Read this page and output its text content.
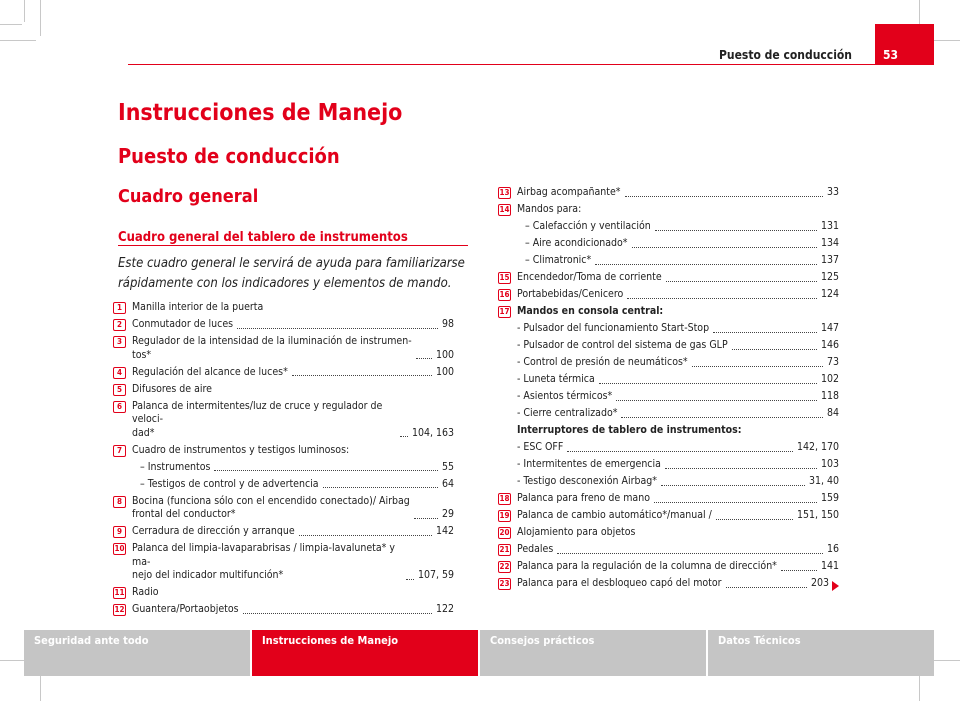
Puesto de conducción	53
Instrucciones de Manejo
Puesto de conducción
Cuadro general
Cuadro general del tablero de instrumentos

Este cuadro general le servirá de ayuda para familiarizarse rápidamente con los indicadores y elementos de mando.

1 Manilla interior de la puerta
2 Conmutador de luces	98
3 Regulador de la intensidad de la iluminación de instrumen-
tos*	100
4 Regulación del alcance de luces*	100
5 Difusores de aire
6 Palanca de intermitentes/luz de cruce y regulador de veloci-
dad*	104, 163
7 Cuadro de instrumentos y testigos luminosos:
– Instrumentos	55
– Testigos de control y de advertencia	64
8 Bocina (funciona sólo con el encendido conectado)/ Airbag
frontal del conductor*	29
9 Cerradura de dirección y arranque	142
10 Palanca del limpia-lavaparabrisas / limpia-lavaluneta* y ma-
nejo del indicador multifunción*	107, 59
11 Radio
12 Guantera/Portaobjetos	122
13 Airbag acompañante*	33
14 Mandos para:
– Calefacción y ventilación	131
– Aire acondicionado*	134
– Climatronic*	137
15 Encendedor/Toma de corriente	125
16 Portabebidas/Cenicero	124
17 Mandos en consola central:
- Pulsador del funcionamiento Start-Stop	147
- Pulsador de control del sistema de gas GLP	146
- Control de presión de neumáticos*	73
- Luneta térmica	102
- Asientos térmicos*	118
- Cierre centralizado*	84
Interruptores de tablero de instrumentos:
- ESC OFF	142, 170
- Intermitentes de emergencia	103
- Testigo desconexión Airbag*	31, 40
18 Palanca para freno de mano	159
19 Palanca de cambio automático*/manual /	151, 150
20 Alojamiento para objetos
21 Pedales	16
22 Palanca para la regulación de la columna de dirección*	141
23 Palanca para el desbloqueo capó del motor	203
Seguridad ante todo	Instrucciones de Manejo	Consejos prácticos	Datos Técnicos
